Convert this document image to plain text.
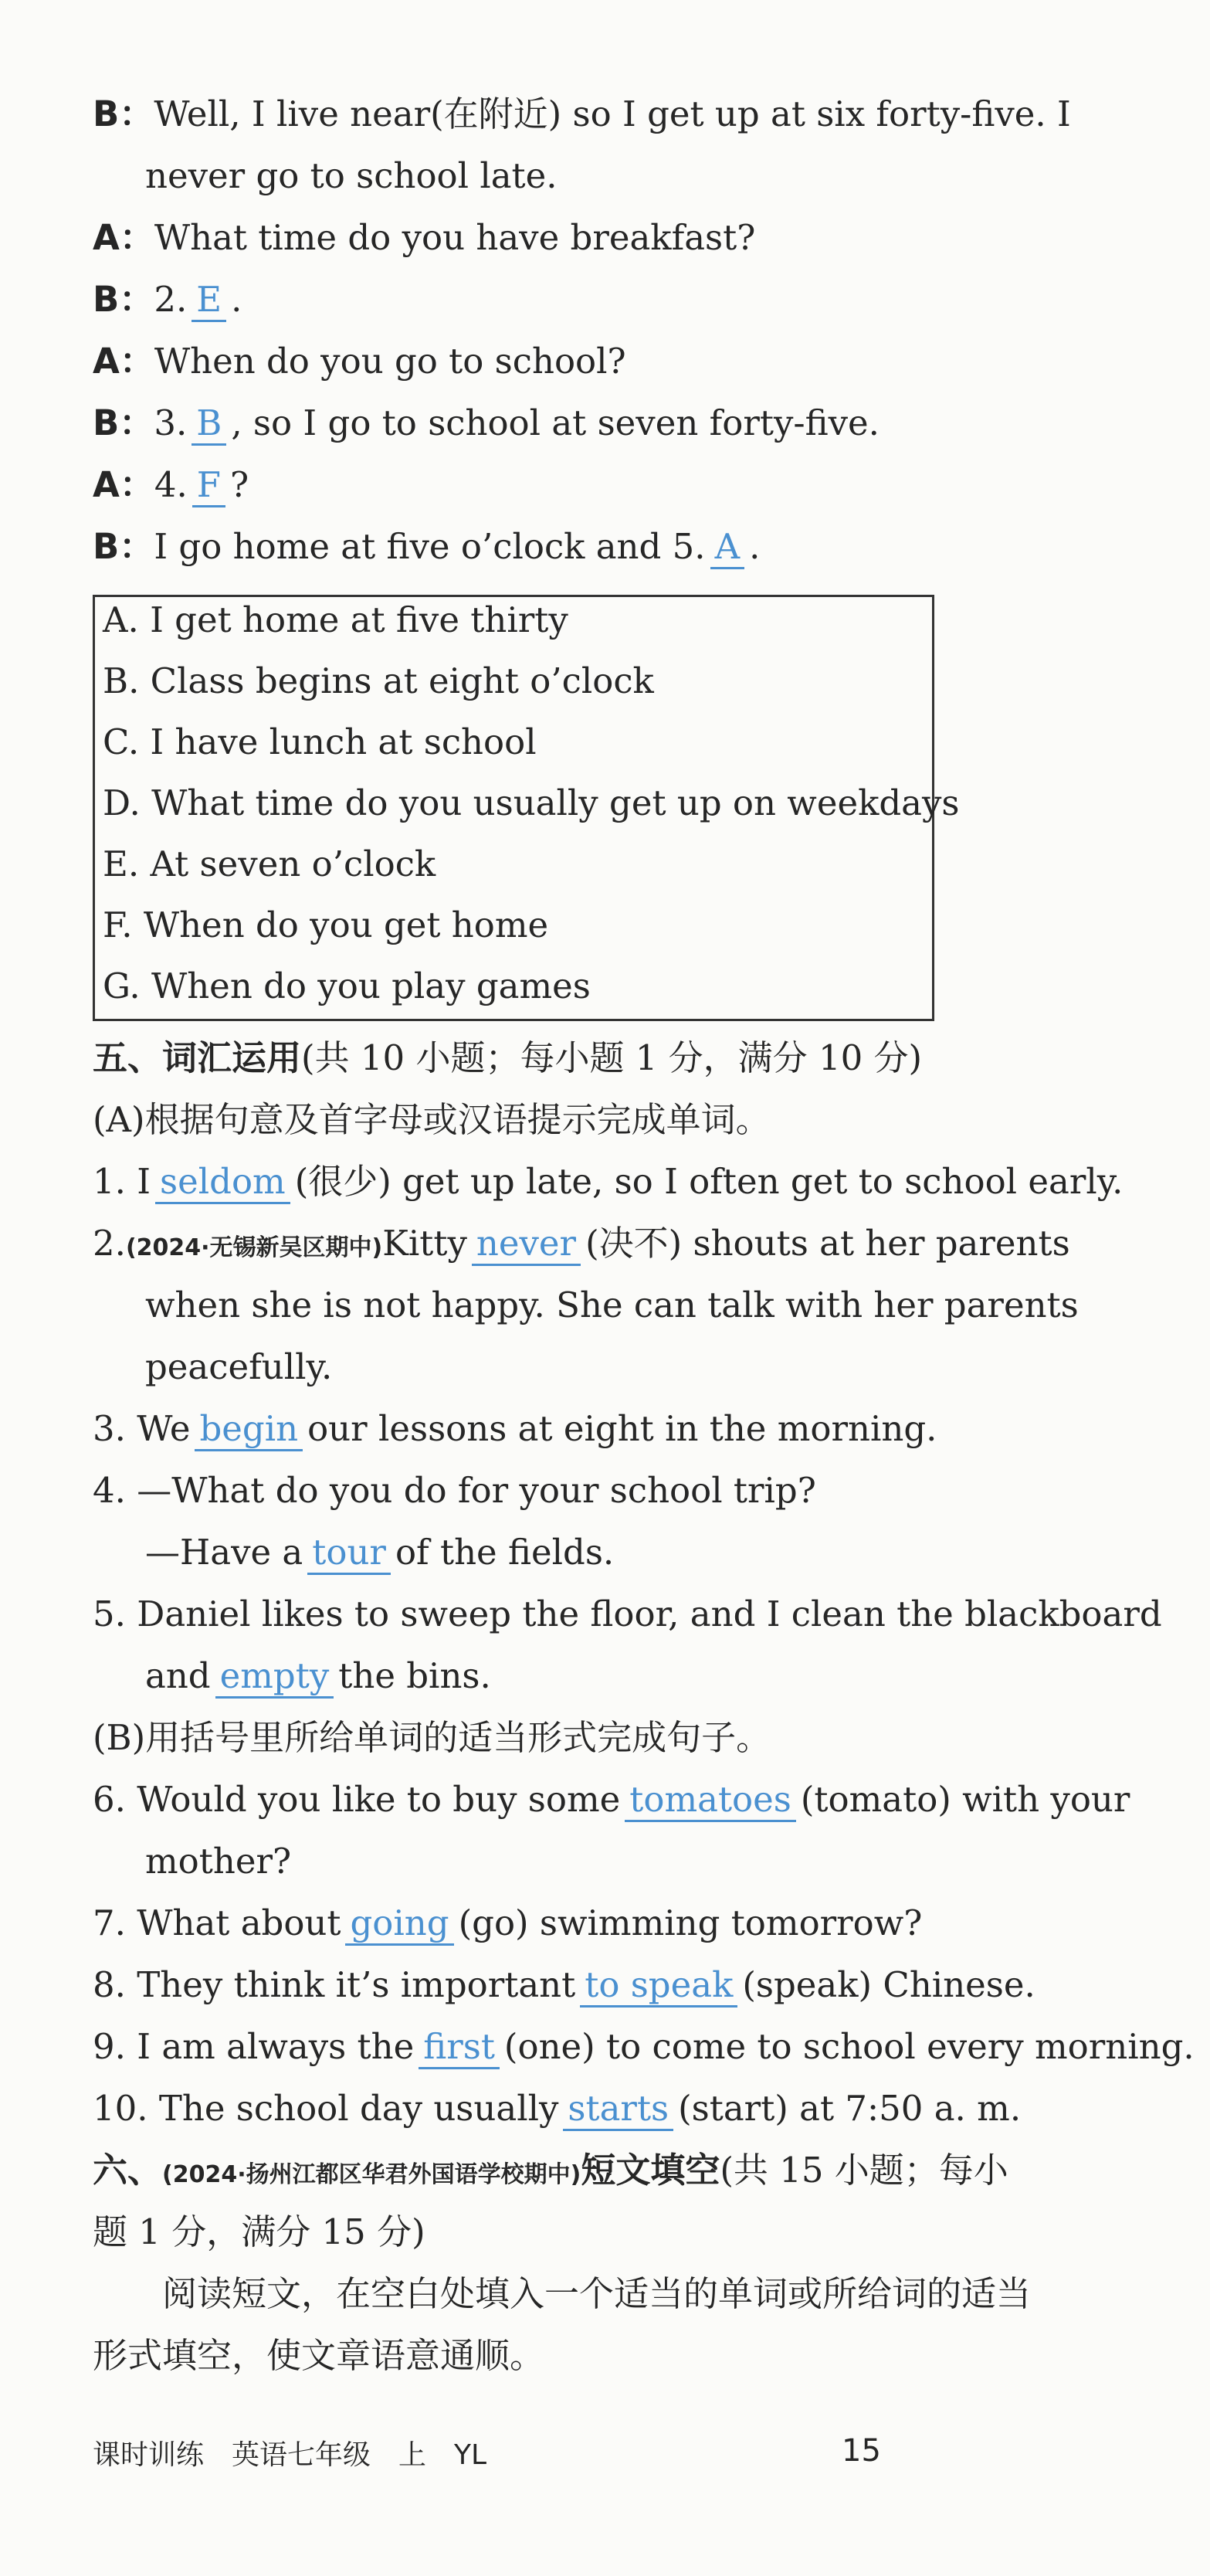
B：Well, I live near(在附近) so I get up at six forty-five. I
never go to school late.
A：What time do you have breakfast?
B：2. E .
A：When do you go to school?
B：3. B , so I go to school at seven forty-five.
A：4. F ?
B：I go home at five o’clock and 5. A .
A. I get home at five thirty
B. Class begins at eight o’clock
C. I have lunch at school
D. What time do you usually get up on weekdays
E. At seven o’clock
F. When do you get home
G. When do you play games
五、词汇运用(共 10 小题；每小题 1 分，满分 10 分)
(A)根据句意及首字母或汉语提示完成单词。
1. I seldom (很少) get up late, so I often get to school early.
2.(2024·无锡新吴区期中)Kitty never (决不) shouts at her parents
when she is not happy. She can talk with her parents
peacefully.
3. We begin our lessons at eight in the morning.
4. —What do you do for your school trip?
—Have a tour of the fields.
5. Daniel likes to sweep the floor, and I clean the blackboard
and empty the bins.
(B)用括号里所给单词的适当形式完成句子。
6. Would you like to buy some tomatoes (tomato) with your
mother?
7. What about going (go) swimming tomorrow?
8. They think it’s important to speak (speak) Chinese.
9. I am always the first (one) to come to school every morning.
10. The school day usually starts (start) at 7:50 a. m.
六、(2024·扬州江都区华君外国语学校期中)短文填空(共 15 小题；每小
题 1 分，满分 15 分)
阅读短文，在空白处填入一个适当的单词或所给词的适当
形式填空，使文章语意通顺。
课时训练　英语七年级　上　YL	15
